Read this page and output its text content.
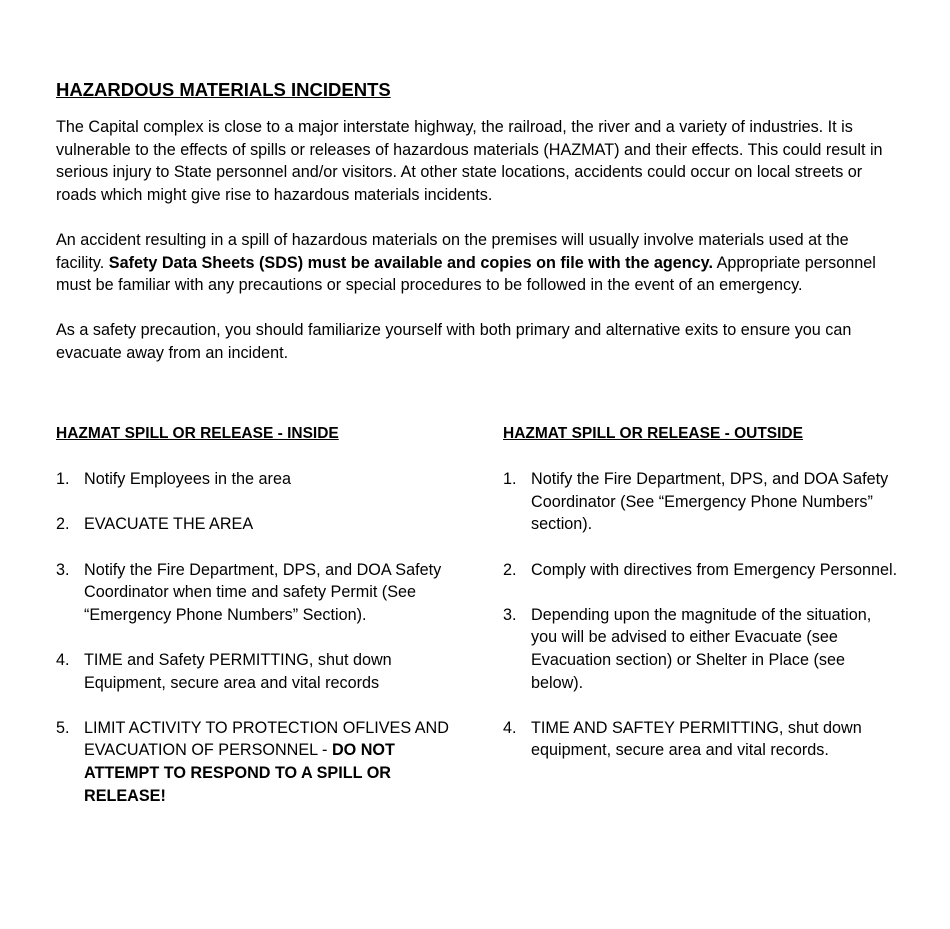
HAZARDOUS MATERIALS INCIDENTS

The Capital complex is close to a major interstate highway, the railroad, the river and a variety of industries. It is vulnerable to the effects of spills or releases of hazardous materials (HAZMAT) and their effects. This could result in serious injury to State personnel and/or visitors. At other state locations, accidents could occur on local streets or roads which might give rise to hazardous materials incidents.

An accident resulting in a spill of hazardous materials on the premises will usually involve materials used at the facility. Safety Data Sheets (SDS) must be available and copies on file with the agency. Appropriate personnel must be familiar with any precautions or special procedures to be followed in the event of an emergency.

As a safety precaution, you should familiarize yourself with both primary and alternative exits to ensure you can evacuate away from an incident.

HAZMAT SPILL OR RELEASE - INSIDE
1. Notify Employees in the area
2. EVACUATE THE AREA
3. Notify the Fire Department, DPS, and DOA Safety Coordinator when time and safety Permit (See “Emergency Phone Numbers” Section).
4. TIME and Safety PERMITTING, shut down Equipment, secure area and vital records
5. LIMIT ACTIVITY TO PROTECTION OFLIVES AND EVACUATION OF PERSONNEL - DO NOT ATTEMPT TO RESPOND TO A SPILL OR RELEASE!
HAZMAT SPILL OR RELEASE - OUTSIDE
1. Notify the Fire Department, DPS, and DOA Safety Coordinator (See “Emergency Phone Numbers” section).
2. Comply with directives from Emergency Personnel.
3. Depending upon the magnitude of the situation, you will be advised to either Evacuate (see Evacuation section) or Shelter in Place (see below).
4. TIME AND SAFTEY PERMITTING, shut down equipment, secure area and vital records.
